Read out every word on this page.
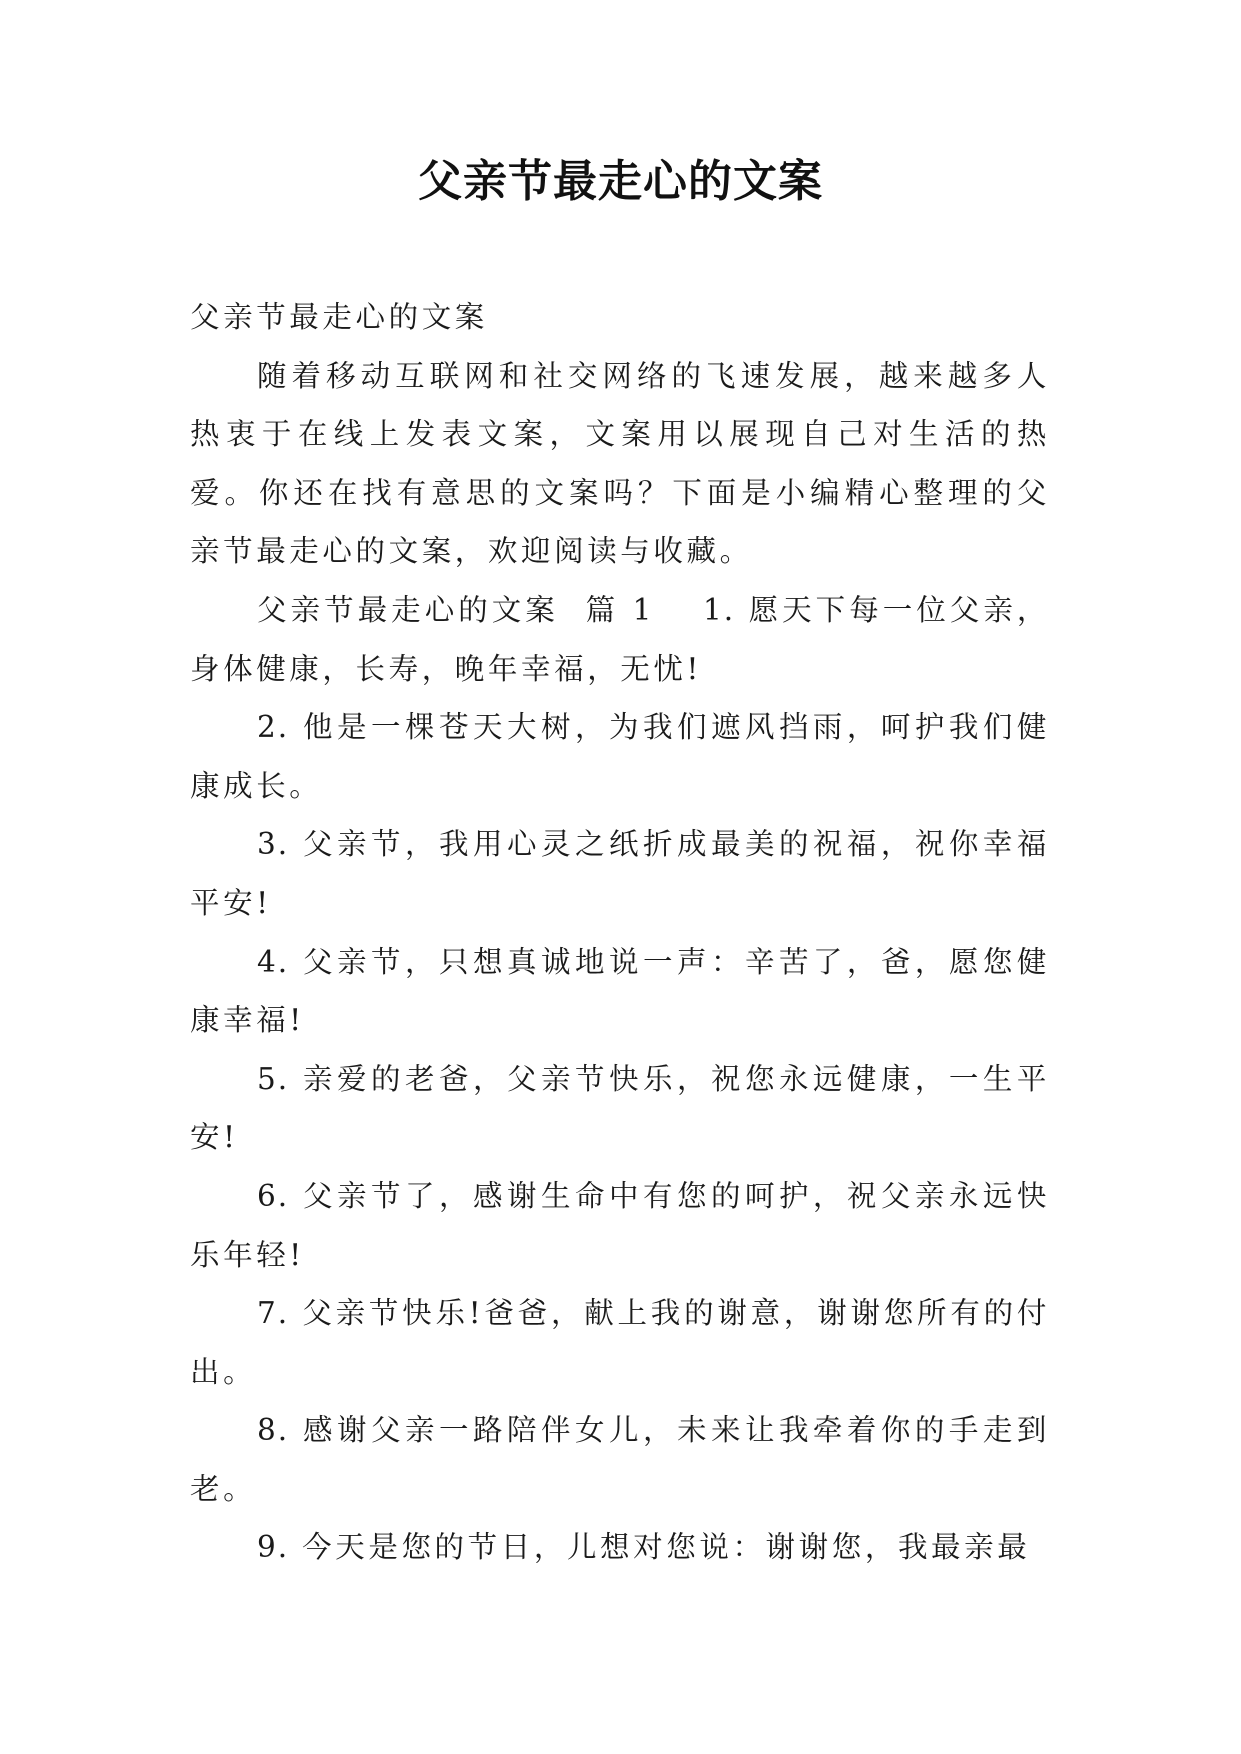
父亲节最走心的文案

父亲节最走心的文案

随着移动互联网和社交网络的飞速发展，越来越多人热衷于在线上发表文案，文案用以展现自己对生活的热爱。你还在找有意思的文案吗？下面是小编精心整理的父亲节最走心的文案，欢迎阅读与收藏。

父亲节最走心的文案  篇 1 1. 愿天下每一位父亲，身体健康，长寿，晚年幸福，无忧!

2. 他是一棵苍天大树，为我们遮风挡雨，呵护我们健康成长。

3. 父亲节，我用心灵之纸折成最美的祝福，祝你幸福平安!

4. 父亲节，只想真诚地说一声：辛苦了，爸，愿您健康幸福!

5. 亲爱的老爸，父亲节快乐，祝您永远健康，一生平安!

6. 父亲节了，感谢生命中有您的呵护，祝父亲永远快乐年轻!

7. 父亲节快乐!爸爸，献上我的谢意，谢谢您所有的付出。

8. 感谢父亲一路陪伴女儿，未来让我牵着你的手走到老。

9. 今天是您的节日，儿想对您说：谢谢您，我最亲最
